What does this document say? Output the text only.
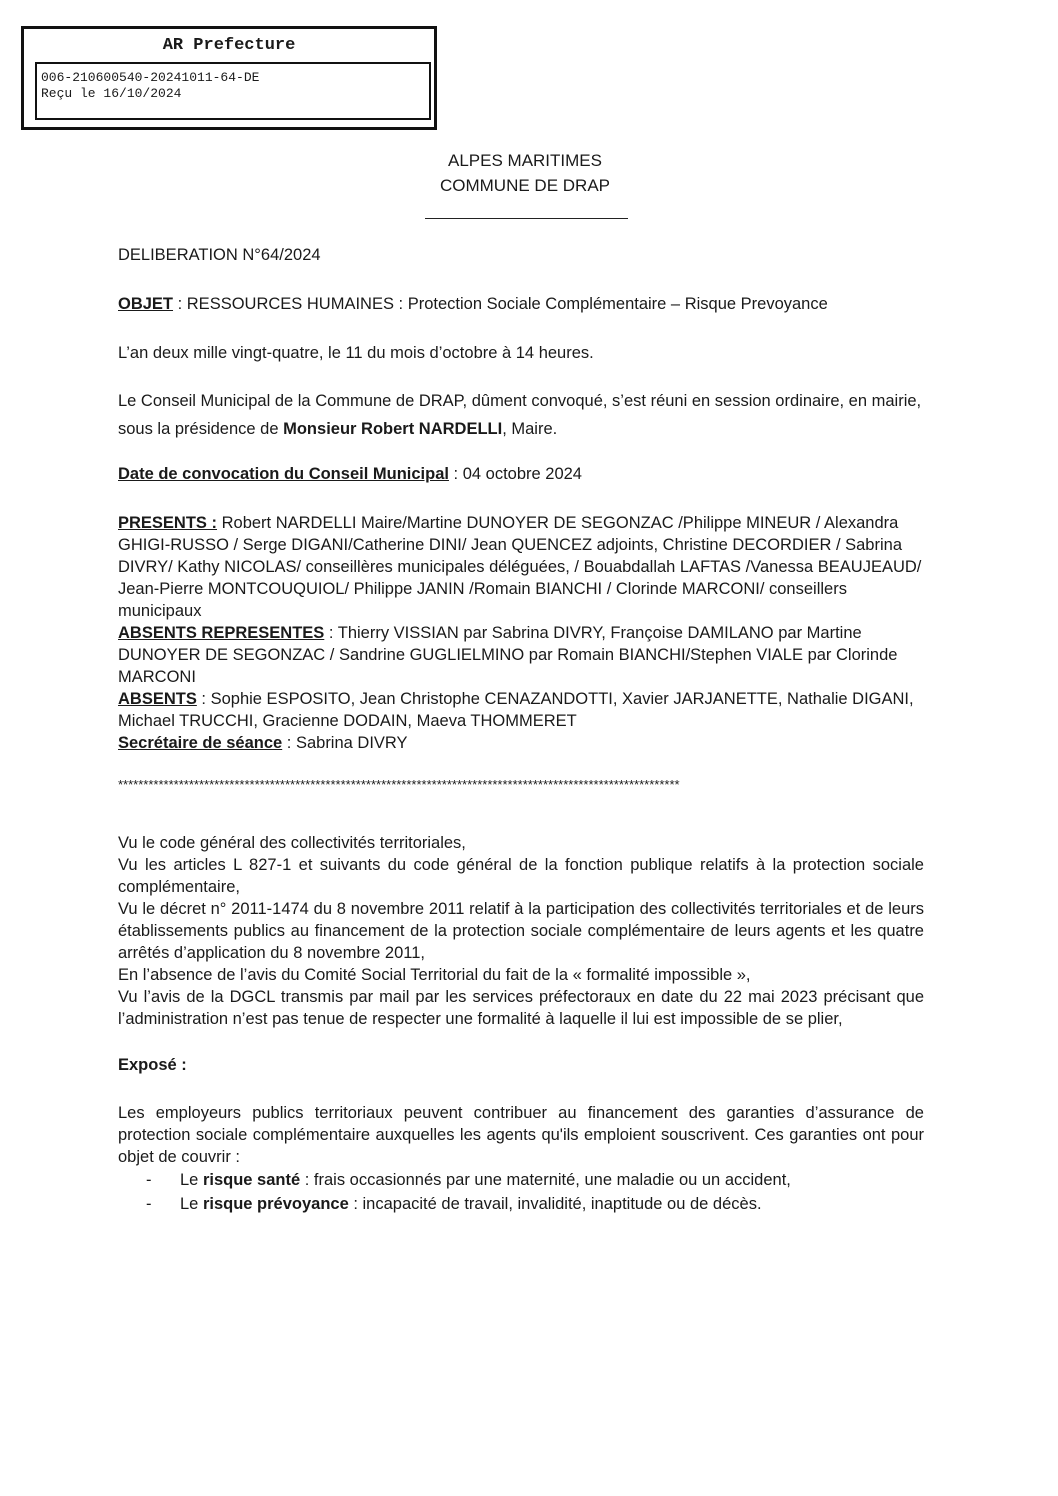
AR Prefecture
006-210600540-20241011-64-DE
Reçu le 16/10/2024
ALPES MARITIMES
COMMUNE DE DRAP

DELIBERATION N°64/2024

OBJET : RESSOURCES HUMAINES : Protection Sociale Complémentaire – Risque Prevoyance

L’an deux mille vingt-quatre, le 11 du mois d’octobre à 14 heures.

Le Conseil Municipal de la Commune de DRAP, dûment convoqué, s’est réuni en session ordinaire, en mairie, sous la présidence de Monsieur Robert NARDELLI, Maire.

Date de convocation du Conseil Municipal : 04 octobre 2024

PRESENTS : Robert NARDELLI Maire/Martine DUNOYER DE SEGONZAC /Philippe MINEUR / Alexandra GHIGI-RUSSO / Serge DIGANI/Catherine DINI/ Jean QUENCEZ adjoints, Christine DECORDIER / Sabrina DIVRY/ Kathy NICOLAS/ conseillères municipales déléguées, / Bouabdallah LAFTAS /Vanessa BEAUJEAUD/ Jean-Pierre MONTCOUQUIOL/ Philippe JANIN /Romain BIANCHI / Clorinde MARCONI/ conseillers municipaux

ABSENTS REPRESENTES : Thierry VISSIAN par Sabrina DIVRY, Françoise DAMILANO par Martine DUNOYER DE SEGONZAC / Sandrine GUGLIELMINO par Romain BIANCHI/Stephen VIALE par Clorinde MARCONI

ABSENTS : Sophie ESPOSITO, Jean Christophe CENAZANDOTTI, Xavier JARJANETTE, Nathalie DIGANI, Michael TRUCCHI, Gracienne DODAIN, Maeva THOMMERET

Secrétaire de séance : Sabrina DIVRY

***************************************************************************************************************

Vu le code général des collectivités territoriales,

Vu les articles L 827-1 et suivants du code général de la fonction publique relatifs à la protection sociale complémentaire,

Vu le décret n° 2011-1474 du 8 novembre 2011 relatif à la participation des collectivités territoriales et de leurs établissements publics au financement de la protection sociale complémentaire de leurs agents et les quatre arrêtés d’application du 8 novembre 2011,

En l’absence de l’avis du Comité Social Territorial du fait de la « formalité impossible »,

Vu l’avis de la DGCL transmis par mail par les services préfectoraux en date du 22 mai 2023 précisant que l’administration n’est pas tenue de respecter une formalité à laquelle il lui est impossible de se plier,

Exposé :

Les employeurs publics territoriaux peuvent contribuer au financement des garanties d’assurance de protection sociale complémentaire auxquelles les agents qu'ils emploient souscrivent. Ces garanties ont pour objet de couvrir :

- Le risque santé : frais occasionnés par une maternité, une maladie ou un accident,
- Le risque prévoyance : incapacité de travail, invalidité, inaptitude ou de décès.
